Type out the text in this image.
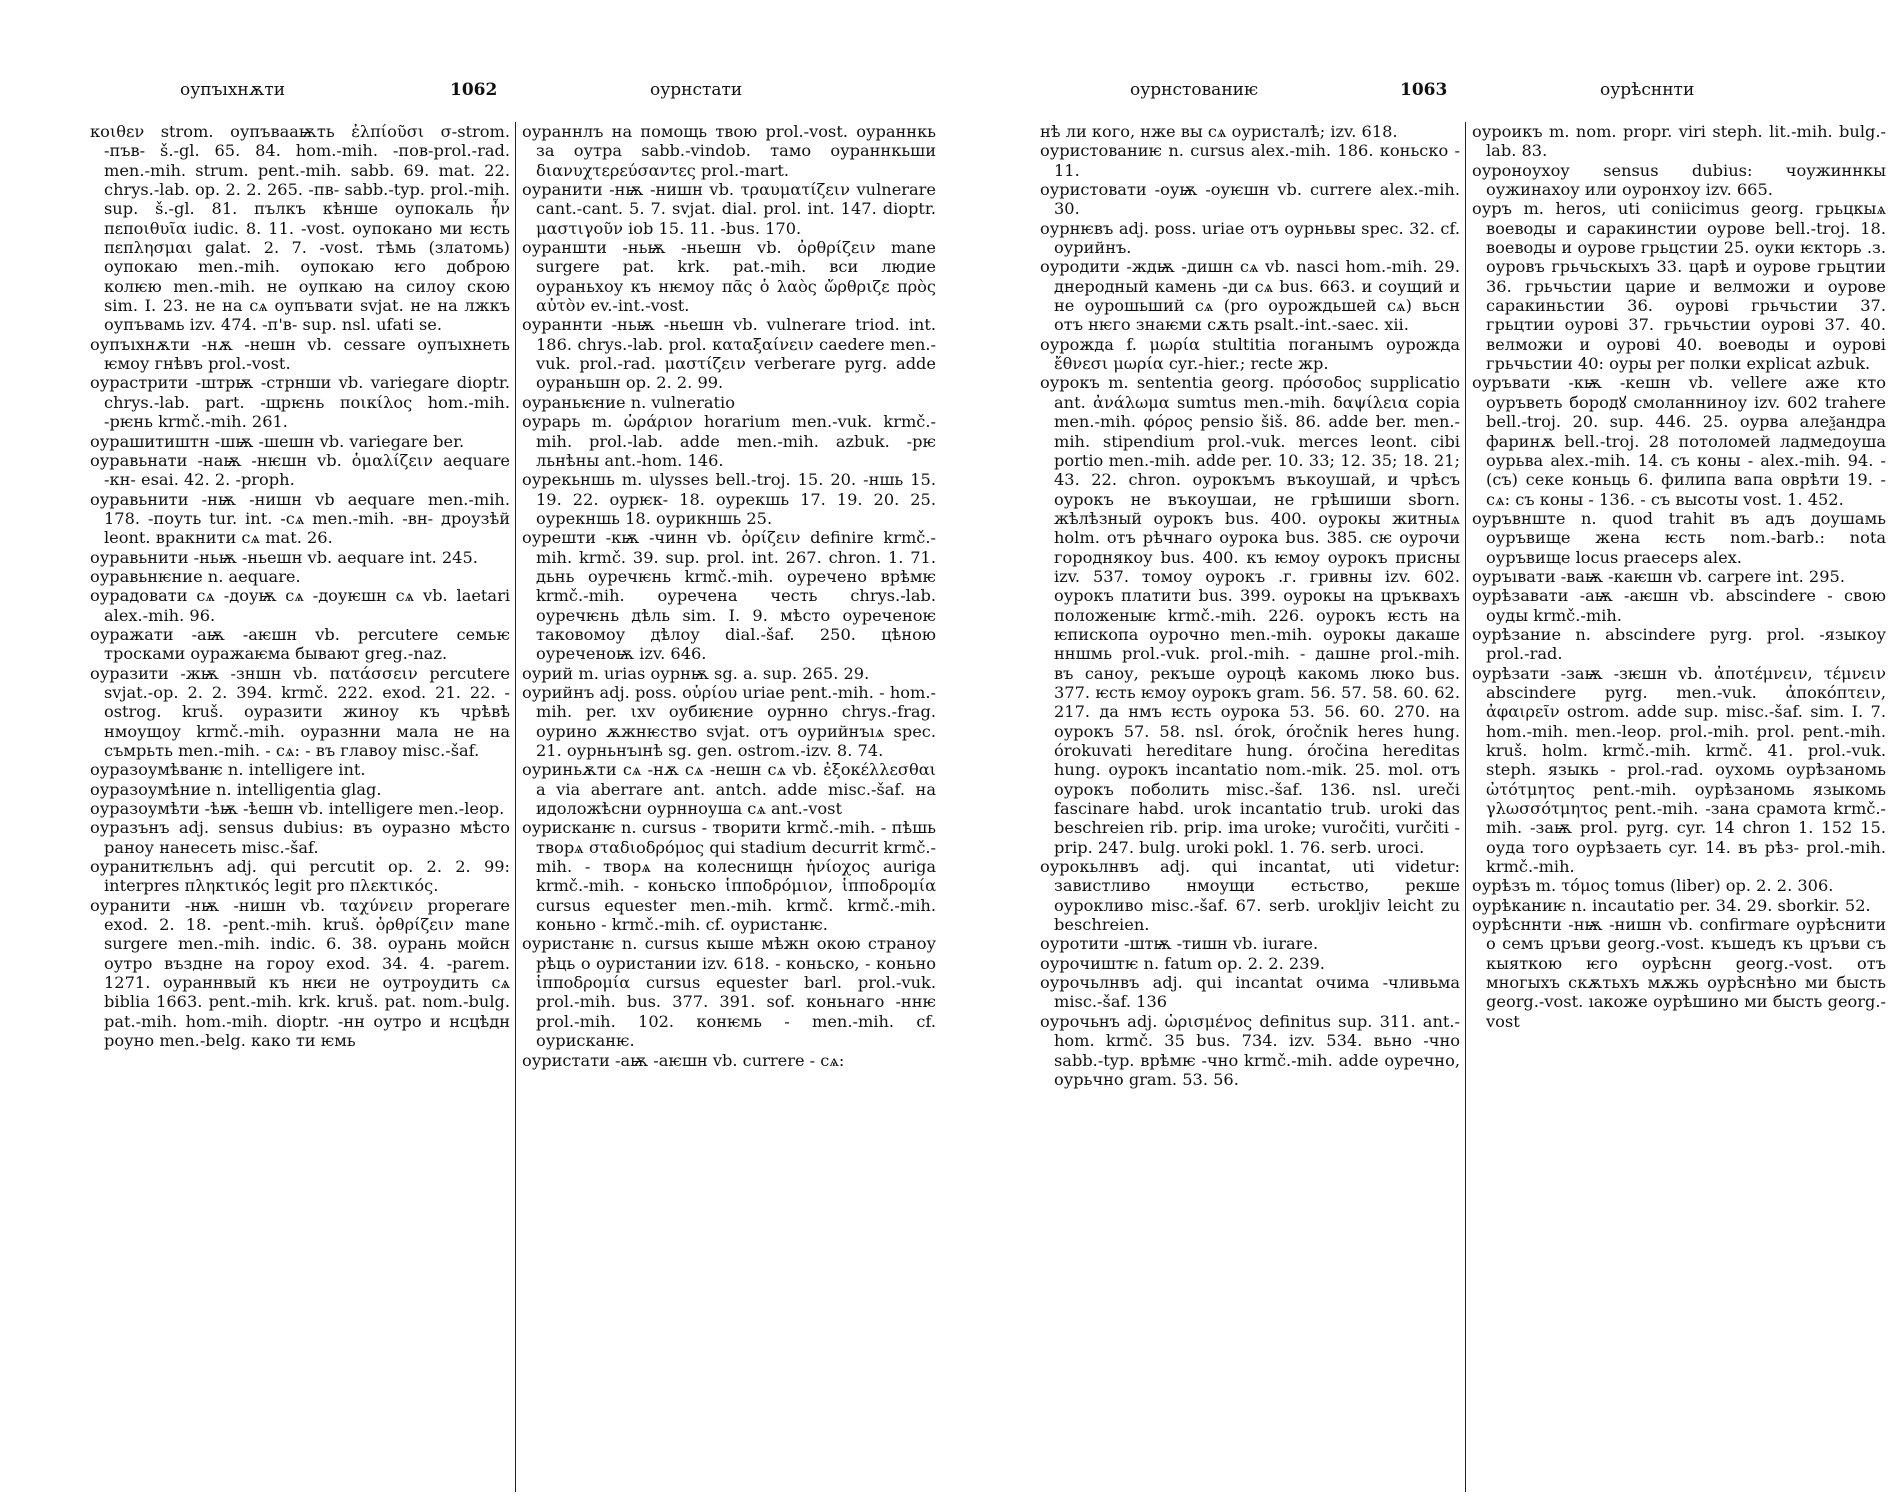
оупъıхнѫти	1062	оурнстати

κοιθεν strom. оупъвааѭть ἐλπίοῦσι σ-strom. -пъв- š.-gl. 65. 84. hom.-mih. -пов-prol.-rad. men.-mih. strum. pent.-mih. sabb. 69. mat. 22. chrys.-lab. op. 2. 2. 265. -пв- sabb.-typ. prol.-mih. sup. š.-gl. 81. пълкъ кѣнше оупокаль ἦν πεποιθυῖα iudic. 8. 11. -vost. оупокано ми ѥсть πεπλησμαι galat. 2. 7. -vost. тѣмь (златомь) оупокаю men.-mih. оупокаю ѥго доброю колѥю men.-mih. не оупкаю на силоу скою sim. I. 23. не на сѧ оупъвати svjat. не на лжкъ оупъвамь izv. 474. -п'в- sup. nsl. ufati se.

оупъıхнѫти -нѫ -нешн vb. cessare оупъıхнеть ѥмоу гнѣвъ prol.-vost.

оурастрити -штрѭ -стрнши vb. variegare dioptr. chrys.-lab. part. -щрѥнь ποικίλος hom.-mih. -рѥнь krmč.-mih. 261.

оурашитиштн -шѭ -шешн vb. variegare ber.

оуравьнати -наѭ -нѥшн vb. ὁμαλίζειν aequare -кн- esai. 42. 2. -proph.

оуравьнити -нѭ -нишн vb aequare men.-mih. 178. -поуть tur. int. -сѧ men.-mih. -вн- дроузѣй leont. вракнити сѧ mat. 26.

оуравьнити -ньѭ -ньешн vb. aequare int. 245.

оуравьнѥние n. aequare.

оурадовати сѧ -доуѭ сѧ -доуѥшн сѧ vb. laetari alex.-mih. 96.

оуражати -аѭ -аѥшн vb. percutere семьѥ тросками оуражаѥма бывают greg.-naz.

оуразити -жѭ -зншн vb. πατάσσειν percutere svjat.-op. 2. 2. 394. krmč. 222. exod. 21. 22. -ostrog. kruš. оуразити жиноу къ чрѣвѣ нмоущоу krmč.-mih. оуразнни мала не на съмрьть men.-mih. - сѧ: - въ главоу misc.-šaf.

оуразоумѣванѥ n. intelligere int.

оуразоумѣние n. intelligentia glag.

оуразоумѣти -ѣѭ -ѣешн vb. intelligere men.-leop.

оуразънъ adj. sensus dubius: въ оуразно мѣсто раноу нанесеть misc.-šaf.

оуранитѥльнъ adj. qui percutit op. 2. 2. 99: interpres πληκτικός legit pro πλεκτικός.

оуранити -нѭ -нишн vb. ταχύνειν properare exod. 2. 18. -pent.-mih. kruš. ὀρθρίζειν mane surgere men.-mih. indic. 6. 38. оурань мойсн оутро въздне на гороу exod. 34. 4. -parem. 1271. оураннвый къ нѥи не оутроудить сѧ biblia 1663. pent.-mih. krk. kruš. pat. nom.-bulg. pat.-mih. hom.-mih. dioptr. -нн оутро и нсцѣдн роуно men.-belg. како ти ѥмь

оураннлъ на помощь твою prol.-vost. оураннкь за оутра sabb.-vindob. тамо оураннкьши διανυχτερεύσαντες prol.-mart.

оуранити -нѭ -нишн vb. τραυματίζειν vulnerare cant.-cant. 5. 7. svjat. dial. prol. int. 147. dioptr. μαστιγοῦν iob 15. 11. -bus. 170.

оураншти -ньѭ -ньешн vb. ὀρθρίζειν mane surgere pat. krk. pat.-mih. вси людие оураньхоу къ нѥмоу πᾶς ὁ λαὸς ὤρθριζε πρὸς αὐτὸν ev.-int.-vost.

оураннти -ньѭ -ньешн vb. vulnerare triod. int. 186. chrys.-lab. prol. καταξαίνειν caedere men.-vuk. prol.-rad. μαστίζειν verberare pyrg. adde оураньшн op. 2. 2. 99.

оураньѥние n. vulneratio

оурарь m. ὠράριον horarium men.-vuk. krmč.-mih. prol.-lab. adde men.-mih. azbuk. -рѥ льнѣны ant.-hom. 146.

оурекьншь m. ulysses bell.-troj. 15. 20. -ншь 15. 19. 22. оурѥк- 18. оурекшь 17. 19. 20. 25. оурекншь 18. оурикншь 25.

оурешти -кѭ -чинн vb. ὁρίζειν definire krmč.-mih. krmč. 39. sup. prol. int. 267. chron. 1. 71. дьнь оуречѥнь krmč.-mih. оуречено врѣмѥ krmč.-mih. оуречена честь chrys.-lab. оуречѥнь дѣль sim. I. 9. мѣсто оуреченоѥ таковомоу дѣлоу dial.-šaf. 250. цѣною оуреченоѭ izv. 646.

оурий m. urias оурнѭ sg. a. sup. 265. 29.

оурийнъ adj. poss. οὐρίου uriae pent.-mih. - hom.-mih. per. ιxv оубиѥние оурнно chrys.-frag. оурино ѫжнѥство svjat. отъ оурийнъıѧ spec. 21. оурньнъıнѣ sg. gen. ostrom.-izv. 8. 74.

оуриньѫти сѧ -нѫ сѧ -нешн сѧ vb. ἐξοκέλλεσθαι a via aberrare ant. antch. adde misc.-šaf. на идоложѣсни оурнноуша сѧ ant.-vost

оурисканѥ n. cursus - творити krmč.-mih. - пѣшь творѧ σταδιοδρόμος qui stadium decurrit krmč.-mih. - творѧ на колеснищн ἡνίοχος auriga krmč.-mih. - коньско ἱπποδρόμιον, ἱπποδρομία cursus equester men.-mih. krmč. krmč.-mih. коньно - krmč.-mih. cf. оуристанѥ.

оуристанѥ n. cursus кыше мѣжн окою страноу рѣць о оуристании izv. 618. - коньско, - коньно ἱπποδρομία cursus equester barl. prol.-vuk. prol.-mih. bus. 377. 391. sof. коньнаго -ннѥ prol.-mih. 102. конѥмь - men.-mih. cf. оурисканѥ.

оуристати -аѭ -аѥшн vb. currere - сѧ:

оурнстованиѥ	1063	оурѣсннти

нѣ ли кого, нже вы сѧ оуристалѣ; izv. 618.

оуристованиѥ n. cursus alex.-mih. 186. коньско - 11.

оуристовати -оуѭ -оуѥшн vb. currere alex.-mih. 30.

оурнѥвъ adj. poss. uriae отъ оурньвы spec. 32. cf. оурийнъ.

оуродити -ждѭ -дишн сѧ vb. nasci hom.-mih. 29. днеродный камень -ди сѧ bus. 663. и соущий и не оурошьший сѧ (pro оурождьшей сѧ) вьсн отъ нѥго знаѥми сѫть psalt.-int.-saec. xii.

оурожда f. μωρία stultitia поганымъ оурожда ἔθνεσι μωρία cyr.-hier.; recte жр.

оурокъ m. sententia georg. πρόσοδος supplicatio ant. ἀνάλωμα sumtus men.-mih. δαψίλεια copia men.-mih. φόρος pensio šiš. 86. adde ber. men.-mih. stipendium prol.-vuk. merces leont. cibi portio men.-mih. adde per. 10. 33; 12. 35; 18. 21; 43. 22. chron. оурокъмъ въкоушай, и чрѣсъ оурокъ не въкоушаи, не грѣшиши sborn. жѣлѣзный оурокъ bus. 400. оурокы житныѧ holm. отъ рѣчнаго оурока bus. 385. сѥ оурочи городнякоу bus. 400. къ ѥмоу оурокъ присны izv. 537. томоу оурокъ .г. гривны izv. 602. оурокъ платити bus. 399. оурокы на цръквахъ положеныѥ krmč.-mih. 226. оурокъ ѥсть на ѥпископа оурочно men.-mih. оурокы дакаше нншмь prol.-vuk. prol.-mih. - дашне prol.-mih. въ саноу, рекъше оуроцѣ какомь люко bus. 377. ѥсть ѥмоу оурокъ gram. 56. 57. 58. 60. 62. 217. да нмъ ѥсть оурока 53. 56. 60. 270. на оурокъ 57. 58. nsl. órok, óročnik heres hung. órokuvati hereditare hung. óročina hereditas hung. оурокъ incantatio nom.-mik. 25. mol. отъ оурокъ поболить misc.-šaf. 136. nsl. ureči fascinare habd. urok incantatio trub. uroki das beschreien rib. prip. ima uroke; vuročiti, vurčiti -prip. 247. bulg. uroki pokl. 1. 76. serb. uroci.

оурокьлнвъ adj. qui incantat, uti videtur: завистливо нмоущи естьство, рекше оурокливо misc.-šaf. 67. serb. urokljiv leicht zu beschreien.

оуротити -штѭ -тишн vb. iurare.

оурочиштѥ n. fatum op. 2. 2. 239.

оурочьлнвъ adj. qui incantat очима -чливьма misc.-šaf. 136

оурочьнъ adj. ὡρισμένος definitus sup. 311. ant.-hom. krmč. 35 bus. 734. izv. 534. вьно -чно sabb.-typ. врѣмѥ -чно krmč.-mih. adde оуречно, оурьчно gram. 53. 56.

оуроикъ m. nom. propr. viri steph. lit.-mih. bulg.-lab. 83.

оуроноухоу sensus dubius: чоужиннкы оужинахоу или оуронхоу izv. 665.

оуръ m. heros, uti coniicimus georg. грьцкыѧ воеводы и саракинстии оурове bell.-troj. 18. воеводы и оурове грьцстии 25. оуки ѥкторь .з. оуровъ грьчьскыхъ 33. царѣ и оурове грьцтии 36. грьчьстии царие и велможи и оурове саракиньстии 36. оурові грьчьстии 37. грьцтии оурові 37. грьчьстии оурові 37. 40. велможи и оурові 40. воеводы и оурові грьчьстии 40: оуры per полки explicat azbuk.

оуръвати -кѭ -кешн vb. vellere аже кто оуръветь бородꙋ смоланниноу izv. 602 trahere bell.-troj. 20. sup. 446. 25. оурва алеѯандра фаринѫ bell.-troj. 28 потоломей ладмедоуша оурьва alex.-mih. 14. съ коны - alex.-mih. 94. - (съ) секе коньць 6. филипа вапа оврѣти 19. - сѧ: съ коны - 136. - съ высоты vost. 1. 452.

оуръвнште n. quod trahit въ адъ доушамь оуръвище жена ѥсть nom.-barb.: nota оуръвище locus praeceps alex.

оуръıвати -ваѭ -каѥшн vb. carpere int. 295.

оурѣзавати -аѭ -аѥшн vb. abscindere - свою оуды krmč.-mih.

оурѣзание n. abscindere pyrg. prol. -языкоу prol.-rad.

оурѣзати -заѭ -зѥшн vb. ἀποτέμνειν, τέμνειν abscindere pyrg. men.-vuk. ἀποκόπτειν, ἀφαιρεῖν ostrom. adde sup. misc.-šaf. sim. I. 7. hom.-mih. men.-leop. prol.-mih. prol. pent.-mih. kruš. holm. krmč.-mih. krmč. 41. prol.-vuk. steph. языкь - prol.-rad. оухомь оурѣзаномь ὠτότμητος pent.-mih. оурѣзаномь языкомь γλωσσότμητος pent.-mih. -зана срамота krmč.-mih. -заѭ prol. pyrg. cyr. 14 chron 1. 152 15. оуда того оурѣзаеть cyr. 14. въ рѣз- prol.-mih. krmč.-mih.

оурѣзъ m. τόμος tomus (liber) op. 2. 2. 306.

оурѣканиѥ n. incautatio per. 34. 29. sborkir. 52.

оурѣсннти -нѭ -нишн vb. confirmare оурѣснити о семъ цръви georg.-vost. къшедъ къ цръви съ кыяткою ѥго оурѣснн georg.-vost. отъ многыхъ скѫтьхъ мѫжь оурѣснѣно ми бысть georg.-vost. ıакоже оурѣшино ми бысть georg.-vost
